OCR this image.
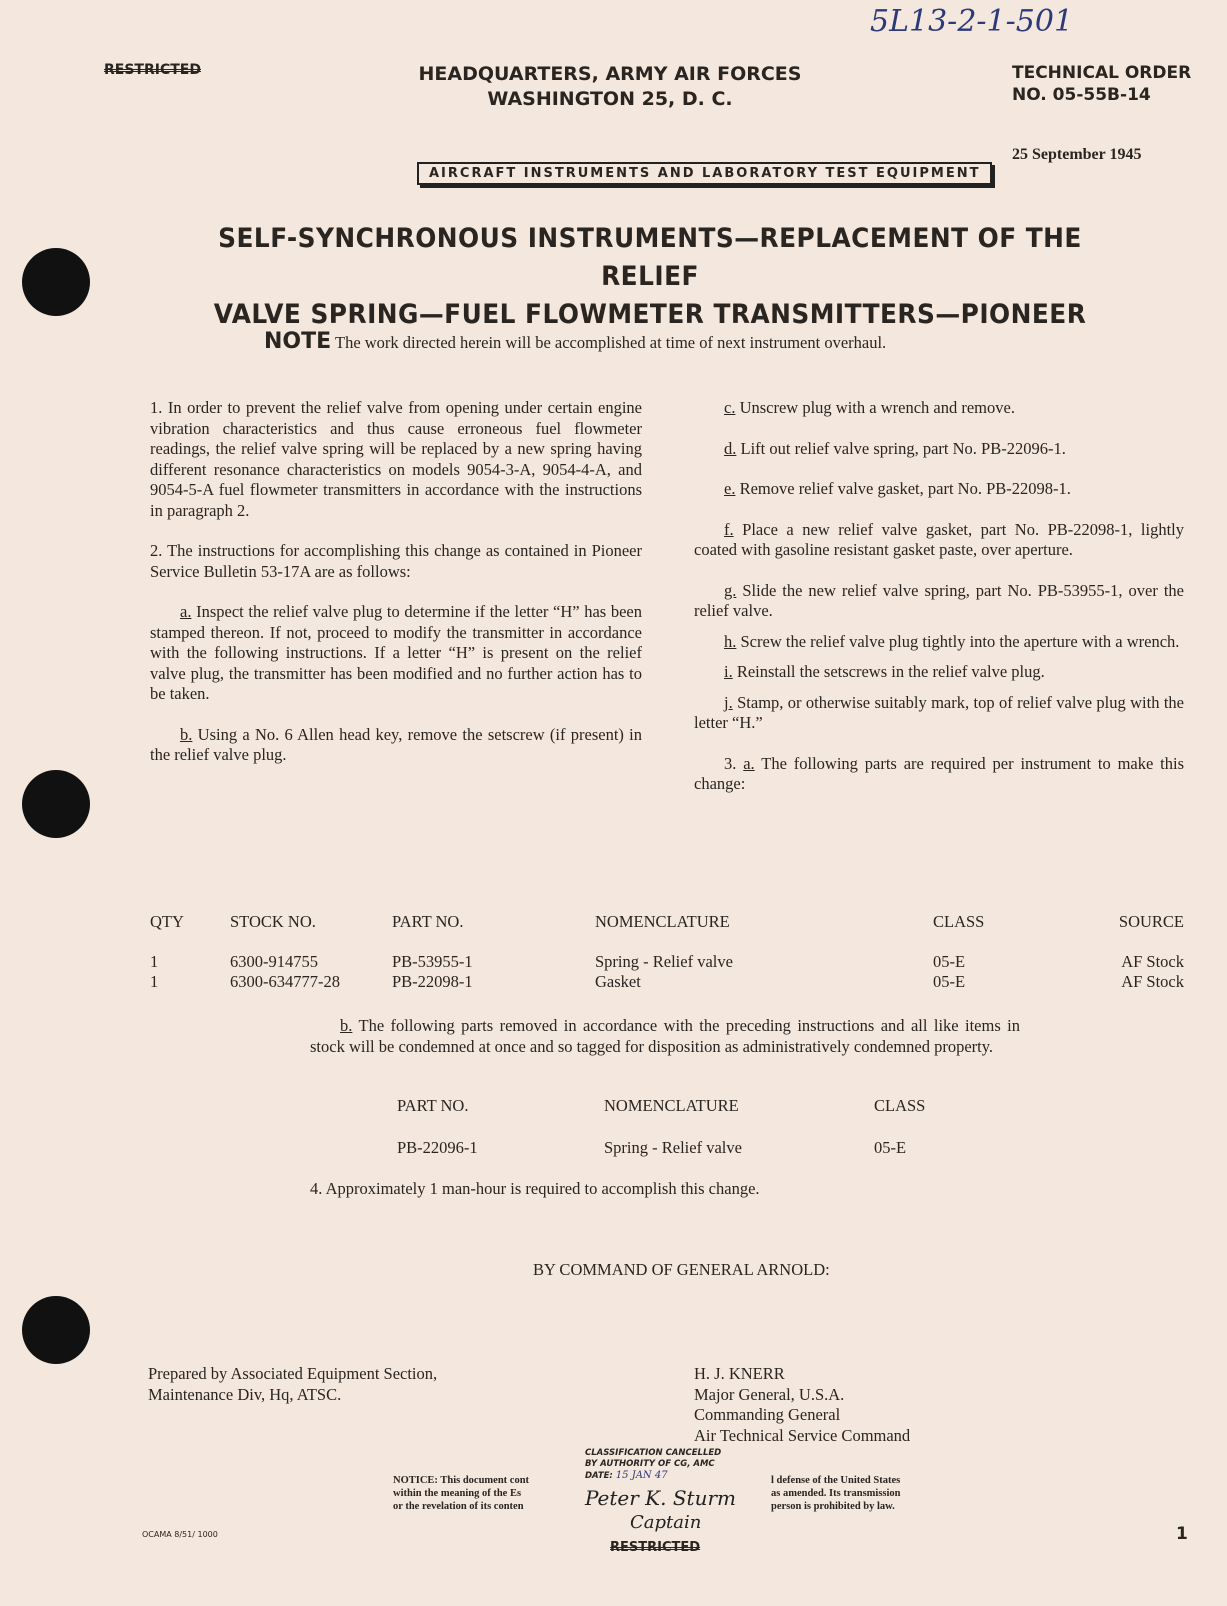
5L13-2-1-501
RESTRICTED	HEADQUARTERS, ARMY AIR FORCES
WASHINGTON 25, D. C.
TECHNICAL ORDER
NO. 05-55B-14
25 September 1945
AIRCRAFT INSTRUMENTS AND LABORATORY TEST EQUIPMENT
SELF-SYNCHRONOUS INSTRUMENTS—REPLACEMENT OF THE RELIEF
VALVE SPRING—FUEL FLOWMETER TRANSMITTERS—PIONEER

NOTE The work directed herein will be accomplished at time of next instrument overhaul.

1. In order to prevent the relief valve from opening under certain engine vibration characteristics and thus cause erroneous fuel flowmeter readings, the relief valve spring will be replaced by a new spring having different resonance characteristics on models 9054-3-A, 9054-4-A, and 9054-5-A fuel flowmeter transmitters in accordance with the instructions in paragraph 2.

2. The instructions for accomplishing this change as contained in Pioneer Service Bulletin 53-17A are as follows:

a. Inspect the relief valve plug to determine if the letter “H” has been stamped thereon. If not, proceed to modify the transmitter in accordance with the following instructions. If a letter “H” is present on the relief valve plug, the transmitter has been modified and no further action has to be taken.

b. Using a No. 6 Allen head key, remove the setscrew (if present) in the relief valve plug.

c. Unscrew plug with a wrench and remove.

d. Lift out relief valve spring, part No. PB-22096-1.

e. Remove relief valve gasket, part No. PB-22098-1.

f. Place a new relief valve gasket, part No. PB-22098-1, lightly coated with gasoline resistant gasket paste, over aperture.

g. Slide the new relief valve spring, part No. PB-53955-1, over the relief valve.

h. Screw the relief valve plug tightly into the aperture with a wrench.

i. Reinstall the setscrews in the relief valve plug.

j. Stamp, or otherwise suitably mark, top of relief valve plug with the letter “H.”

3. a. The following parts are required per instrument to make this change:

QTY	STOCK NO.	PART NO.	NOMENCLATURE	CLASS	SOURCE
1	6300-914755	PB-53955-1	Spring - Relief valve	05-E	AF Stock
1	6300-634777-28	PB-22098-1	Gasket	05-E	AF Stock

b. The following parts removed in accordance with the preceding instructions and all like items in stock will be condemned at once and so tagged for disposition as administratively condemned property.

PART NO.	NOMENCLATURE	CLASS
PB-22096-1	Spring - Relief valve	05-E
4. Approximately 1 man-hour is required to accomplish this change.
BY COMMAND OF GENERAL ARNOLD:
Prepared by Associated Equipment Section,
Maintenance Div, Hq, ATSC.
H. J. KNERR
Major General, U.S.A.
Commanding General
Air Technical Service Command
NOTICE: This document cont
within the meaning of the Es
or the revelation of its conten
CLASSIFICATION CANCELLED
BY AUTHORITY OF CG, AMC
DATE: 15 JAN 47
Peter K. Sturm
Captain
l defense of the United States
as amended. Its transmission
person is prohibited by law.
OCAMA 8/51/ 1000
RESTRICTED
1
